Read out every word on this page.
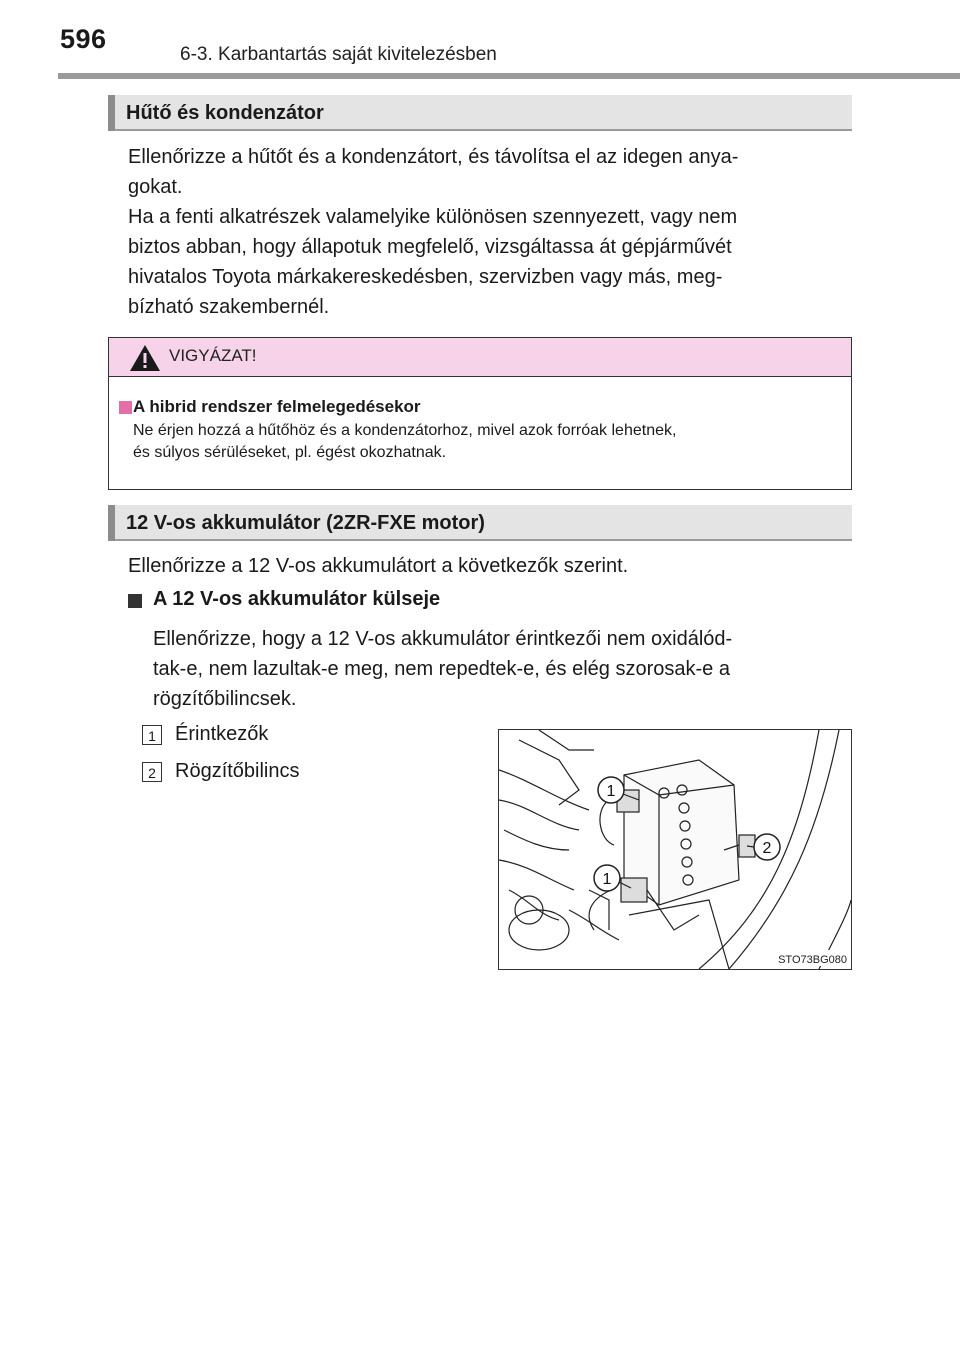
596
6-3. Karbantartás saját kivitelezésben
Hűtő és kondenzátor
Ellenőrizze a hűtőt és a kondenzátort, és távolítsa el az idegen anya-
gokat.
Ha a fenti alkatrészek valamelyike különösen szennyezett, vagy nem
biztos abban, hogy állapotuk megfelelő, vizsgáltassa át gépjárművét
hivatalos Toyota márkakereskedésben, szervizben vagy más, meg-
bízható szakembernél.
VIGYÁZAT!
A hibrid rendszer felmelegedésekor
Ne érjen hozzá a hűtőhöz és a kondenzátorhoz, mivel azok forróak lehetnek,
és súlyos sérüléseket, pl. égést okozhatnak.
12 V-os akkumulátor (2ZR-FXE motor)
Ellenőrizze a 12 V-os akkumulátort a következők szerint.
A 12 V-os akkumulátor külseje
Ellenőrizze, hogy a 12 V-os akkumulátor érintkezői nem oxidálód-
tak-e, nem lazultak-e meg, nem repedtek-e, és elég szorosak-e a
rögzítőbilincsek.
1 Érintkezők
2 Rögzítőbilincs
1
1
2
STO73BG080
